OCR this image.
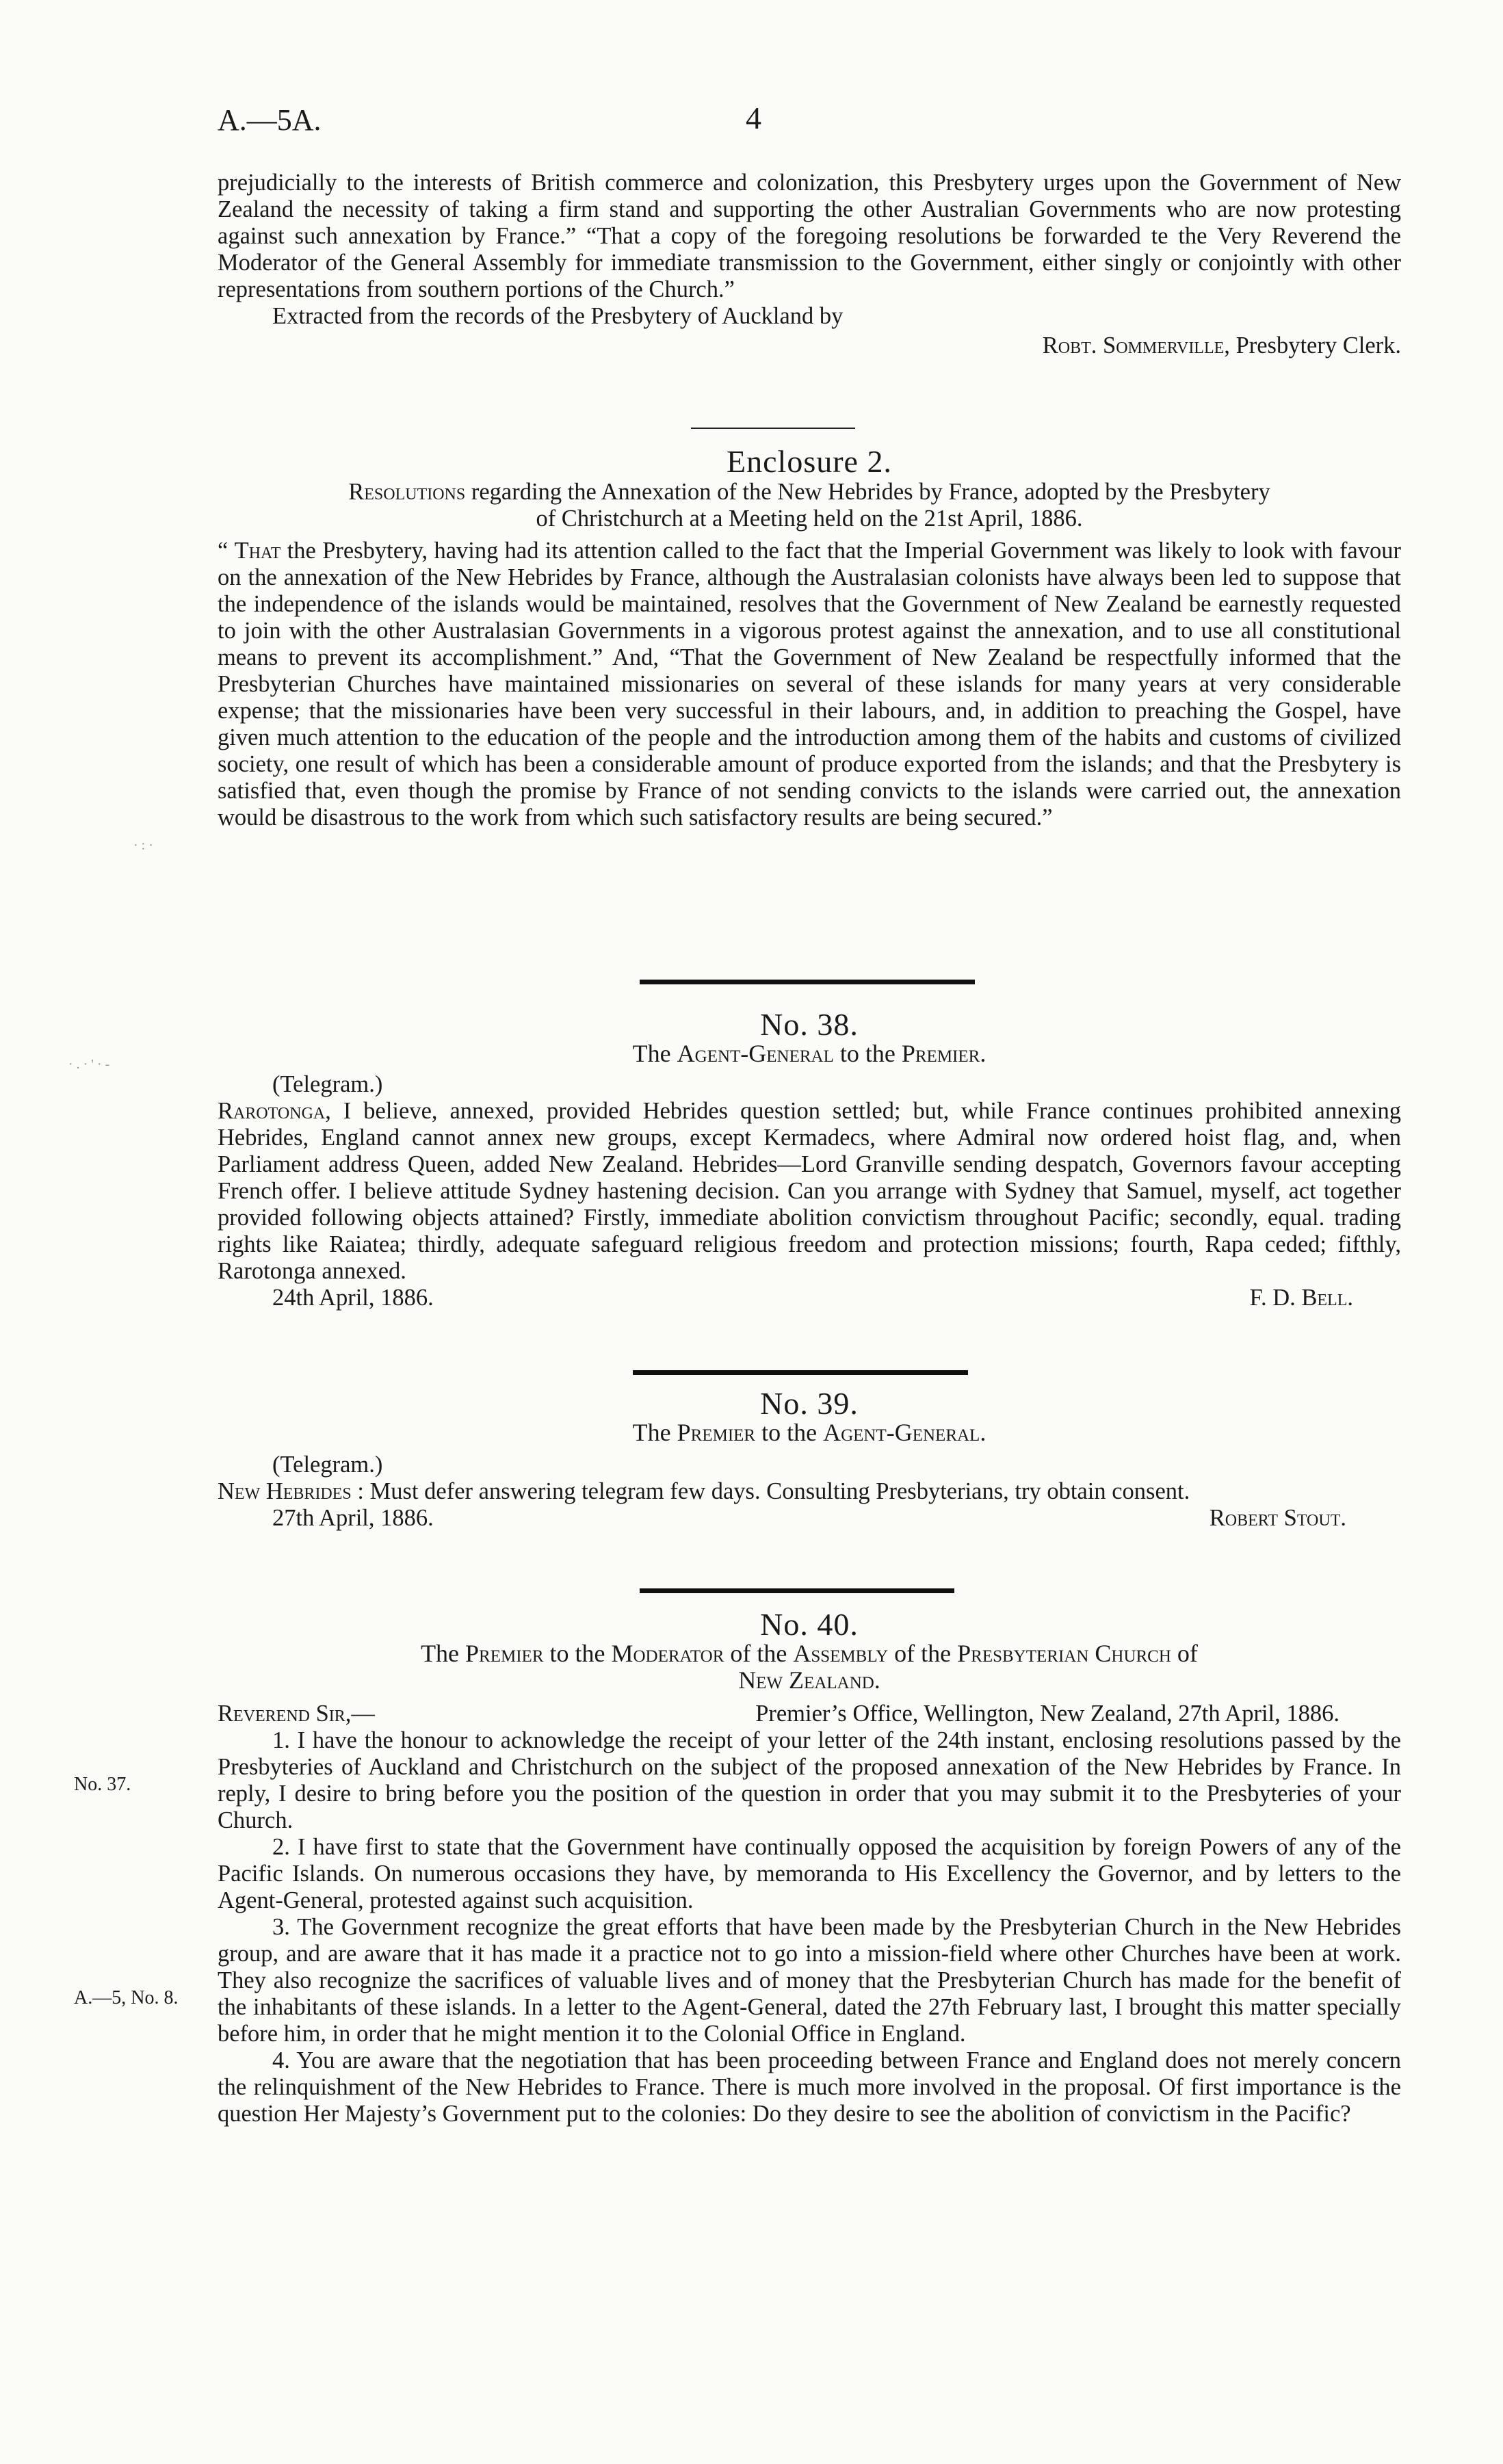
A.—5A.	4

prejudicially to the interests of British commerce and colonization, this Presbytery urges upon the Government of New Zealand the necessity of taking a firm stand and supporting the other Australian Governments who are now protesting against such annexation by France.” “That a copy of the foregoing resolutions be forwarded te the Very Reverend the Moderator of the General Assembly for immediate transmission to the Government, either singly or conjointly with other representations from southern portions of the Church.”

Extracted from the records of the Presbytery of Auckland by

Robt. Sommerville, Presbytery Clerk.

Enclosure 2.

Resolutions regarding the Annexation of the New Hebrides by France, adopted by the Presbytery

of Christchurch at a Meeting held on the 21st April, 1886.

“ That the Presbytery, having had its attention called to the fact that the Imperial Government was likely to look with favour on the annexation of the New Hebrides by France, although the Australasian colonists have always been led to suppose that the independence of the islands would be maintained, resolves that the Government of New Zealand be earnestly requested to join with the other Australasian Governments in a vigorous protest against the annexation, and to use all constitutional means to prevent its accomplishment.” And, “That the Government of New Zealand be respectfully informed that the Presbyterian Churches have maintained missionaries on several of these islands for many years at very considerable expense; that the missionaries have been very successful in their labours, and, in addition to preaching the Gospel, have given much attention to the education of the people and the introduction among them of the habits and customs of civilized society, one result of which has been a considerable amount of produce exported from the islands; and that the Presbytery is satisfied that, even though the promise by France of not sending convicts to the islands were carried out, the annexation would be disastrous to the work from which such satisfactory results are being secured.”

No. 38.

The Agent-General to the Premier.

(Telegram.)

Rarotonga, I believe, annexed, provided Hebrides question settled; but, while France continues prohibited annexing Hebrides, England cannot annex new groups, except Kermadecs, where Admiral now ordered hoist flag, and, when Parliament address Queen, added New Zealand. Hebrides—Lord Granville sending despatch, Governors favour accepting French offer. I believe attitude Sydney hastening decision. Can you arrange with Sydney that Samuel, myself, act together provided following objects attained? Firstly, immediate abolition convictism throughout Pacific; secondly, equal. trading rights like Raiatea; thirdly, adequate safeguard religious freedom and protection missions; fourth, Rapa ceded; fifthly, Rarotonga annexed.

24th April, 1886.	F. D. Bell.
No. 39.

The Premier to the Agent-General.

(Telegram.)

New Hebrides : Must defer answering telegram few days. Consulting Presbyterians, try obtain consent.

27th April, 1886.	Robert Stout.
No. 40.

The Premier to the Moderator of the Assembly of the Presbyterian Church of

New Zealand.

Reverend Sir,—	Premier’s Office, Wellington, New Zealand, 27th April, 1886.

1. I have the honour to acknowledge the receipt of your letter of the 24th instant, enclosing resolutions passed by the Presbyteries of Auckland and Christchurch on the subject of the proposed annexation of the New Hebrides by France. In reply, I desire to bring before you the position of the question in order that you may submit it to the Presbyteries of your Church.

2. I have first to state that the Government have continually opposed the acquisition by foreign Powers of any of the Pacific Islands. On numerous occasions they have, by memoranda to His Excellency the Governor, and by letters to the Agent-General, protested against such acquisition.

3. The Government recognize the great efforts that have been made by the Presbyterian Church in the New Hebrides group, and are aware that it has made it a practice not to go into a mission-field where other Churches have been at work. They also recognize the sacrifices of valuable lives and of money that the Presbyterian Church has made for the benefit of the inhabitants of these islands. In a letter to the Agent-General, dated the 27th February last, I brought this matter specially before him, in order that he might mention it to the Colonial Office in England.

4. You are aware that the negotiation that has been proceeding between France and England does not merely concern the relinquishment of the New Hebrides to France. There is much more involved in the proposal. Of first importance is the question Her Majesty’s Government put to the colonies: Do they desire to see the abolition of convictism in the Pacific?

No. 37.
A.—5, No. 8.
· : ·
· . · ' · -
